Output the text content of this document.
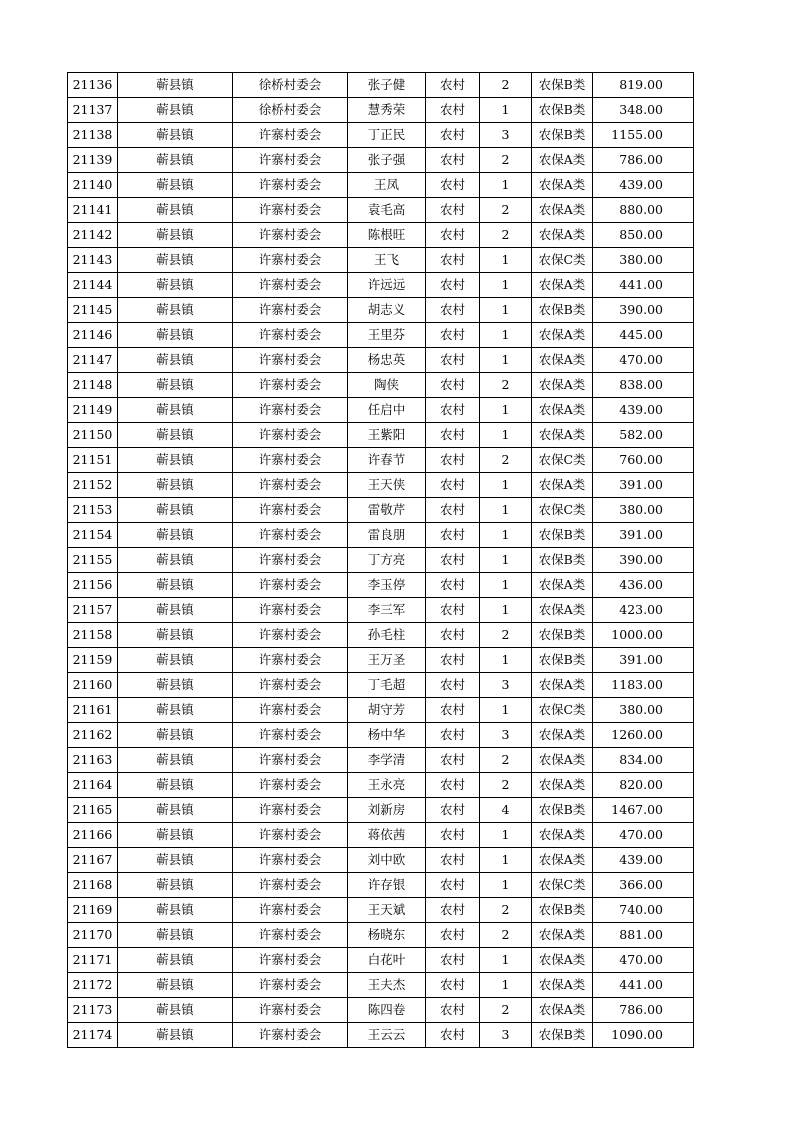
21136	蕲县镇	徐桥村委会	张子健	农村	2	农保B类	819.00
21137	蕲县镇	徐桥村委会	慧秀荣	农村	1	农保B类	348.00
21138	蕲县镇	许寨村委会	丁正民	农村	3	农保B类	1155.00
21139	蕲县镇	许寨村委会	张子强	农村	2	农保A类	786.00
21140	蕲县镇	许寨村委会	王凤	农村	1	农保A类	439.00
21141	蕲县镇	许寨村委会	袁毛高	农村	2	农保A类	880.00
21142	蕲县镇	许寨村委会	陈根旺	农村	2	农保A类	850.00
21143	蕲县镇	许寨村委会	王飞	农村	1	农保C类	380.00
21144	蕲县镇	许寨村委会	许远远	农村	1	农保A类	441.00
21145	蕲县镇	许寨村委会	胡志义	农村	1	农保B类	390.00
21146	蕲县镇	许寨村委会	王里芬	农村	1	农保A类	445.00
21147	蕲县镇	许寨村委会	杨忠英	农村	1	农保A类	470.00
21148	蕲县镇	许寨村委会	陶侠	农村	2	农保A类	838.00
21149	蕲县镇	许寨村委会	任启中	农村	1	农保A类	439.00
21150	蕲县镇	许寨村委会	王紫阳	农村	1	农保A类	582.00
21151	蕲县镇	许寨村委会	许春节	农村	2	农保C类	760.00
21152	蕲县镇	许寨村委会	王天侠	农村	1	农保A类	391.00
21153	蕲县镇	许寨村委会	雷敬芹	农村	1	农保C类	380.00
21154	蕲县镇	许寨村委会	雷良朋	农村	1	农保B类	391.00
21155	蕲县镇	许寨村委会	丁方亮	农村	1	农保B类	390.00
21156	蕲县镇	许寨村委会	李玉停	农村	1	农保A类	436.00
21157	蕲县镇	许寨村委会	李三军	农村	1	农保A类	423.00
21158	蕲县镇	许寨村委会	孙毛柱	农村	2	农保B类	1000.00
21159	蕲县镇	许寨村委会	王万圣	农村	1	农保B类	391.00
21160	蕲县镇	许寨村委会	丁毛超	农村	3	农保A类	1183.00
21161	蕲县镇	许寨村委会	胡守芳	农村	1	农保C类	380.00
21162	蕲县镇	许寨村委会	杨中华	农村	3	农保A类	1260.00
21163	蕲县镇	许寨村委会	李学清	农村	2	农保A类	834.00
21164	蕲县镇	许寨村委会	王永亮	农村	2	农保A类	820.00
21165	蕲县镇	许寨村委会	刘新房	农村	4	农保B类	1467.00
21166	蕲县镇	许寨村委会	蒋依茜	农村	1	农保A类	470.00
21167	蕲县镇	许寨村委会	刘中欧	农村	1	农保A类	439.00
21168	蕲县镇	许寨村委会	许存银	农村	1	农保C类	366.00
21169	蕲县镇	许寨村委会	王天斌	农村	2	农保B类	740.00
21170	蕲县镇	许寨村委会	杨晓东	农村	2	农保A类	881.00
21171	蕲县镇	许寨村委会	白花叶	农村	1	农保A类	470.00
21172	蕲县镇	许寨村委会	王夫杰	农村	1	农保A类	441.00
21173	蕲县镇	许寨村委会	陈四卷	农村	2	农保A类	786.00
21174	蕲县镇	许寨村委会	王云云	农村	3	农保B类	1090.00
